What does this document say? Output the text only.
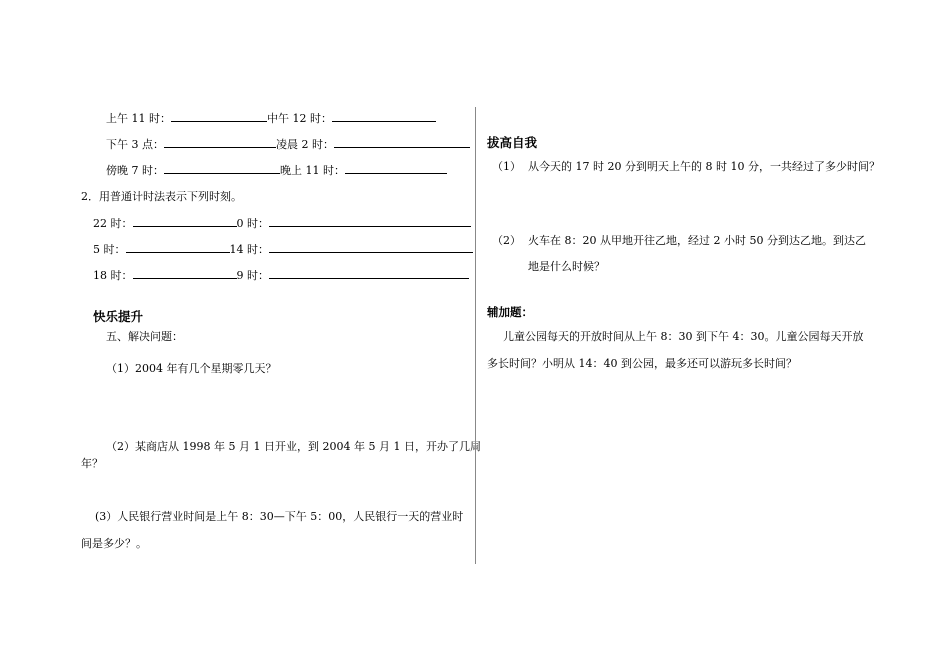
上午 11 时：	中午 12 时：
下午 3 点：	凌晨 2 时：
傍晚 7 时：	晚上 11 时：
2．用普通计时法表示下列时刻。
22 时：	0 时：
5 时：	14 时：
18 时：	9 时：
快乐提升
五、解决问题：
（1）2004 年有几个星期零几天？
（2）某商店从 1998 年 5 月 1 日开业，到 2004 年 5 月 1 日，开办了几周
年？
(3）人民银行营业时间是上午 8：30—下午 5：00，人民银行一天的营业时
间是多少？。
拔高自我
（1） 从今天的 17 时 20 分到明天上午的 8 时 10 分，一共经过了多少时间？
（2） 火车在 8：20 从甲地开往乙地，经过 2 小时 50 分到达乙地。到达乙
地是什么时候？
辅加题：
儿童公园每天的开放时间从上午 8：30 到下午 4：30。儿童公园每天开放
多长时间？小明从 14：40 到公园，最多还可以游玩多长时间？
